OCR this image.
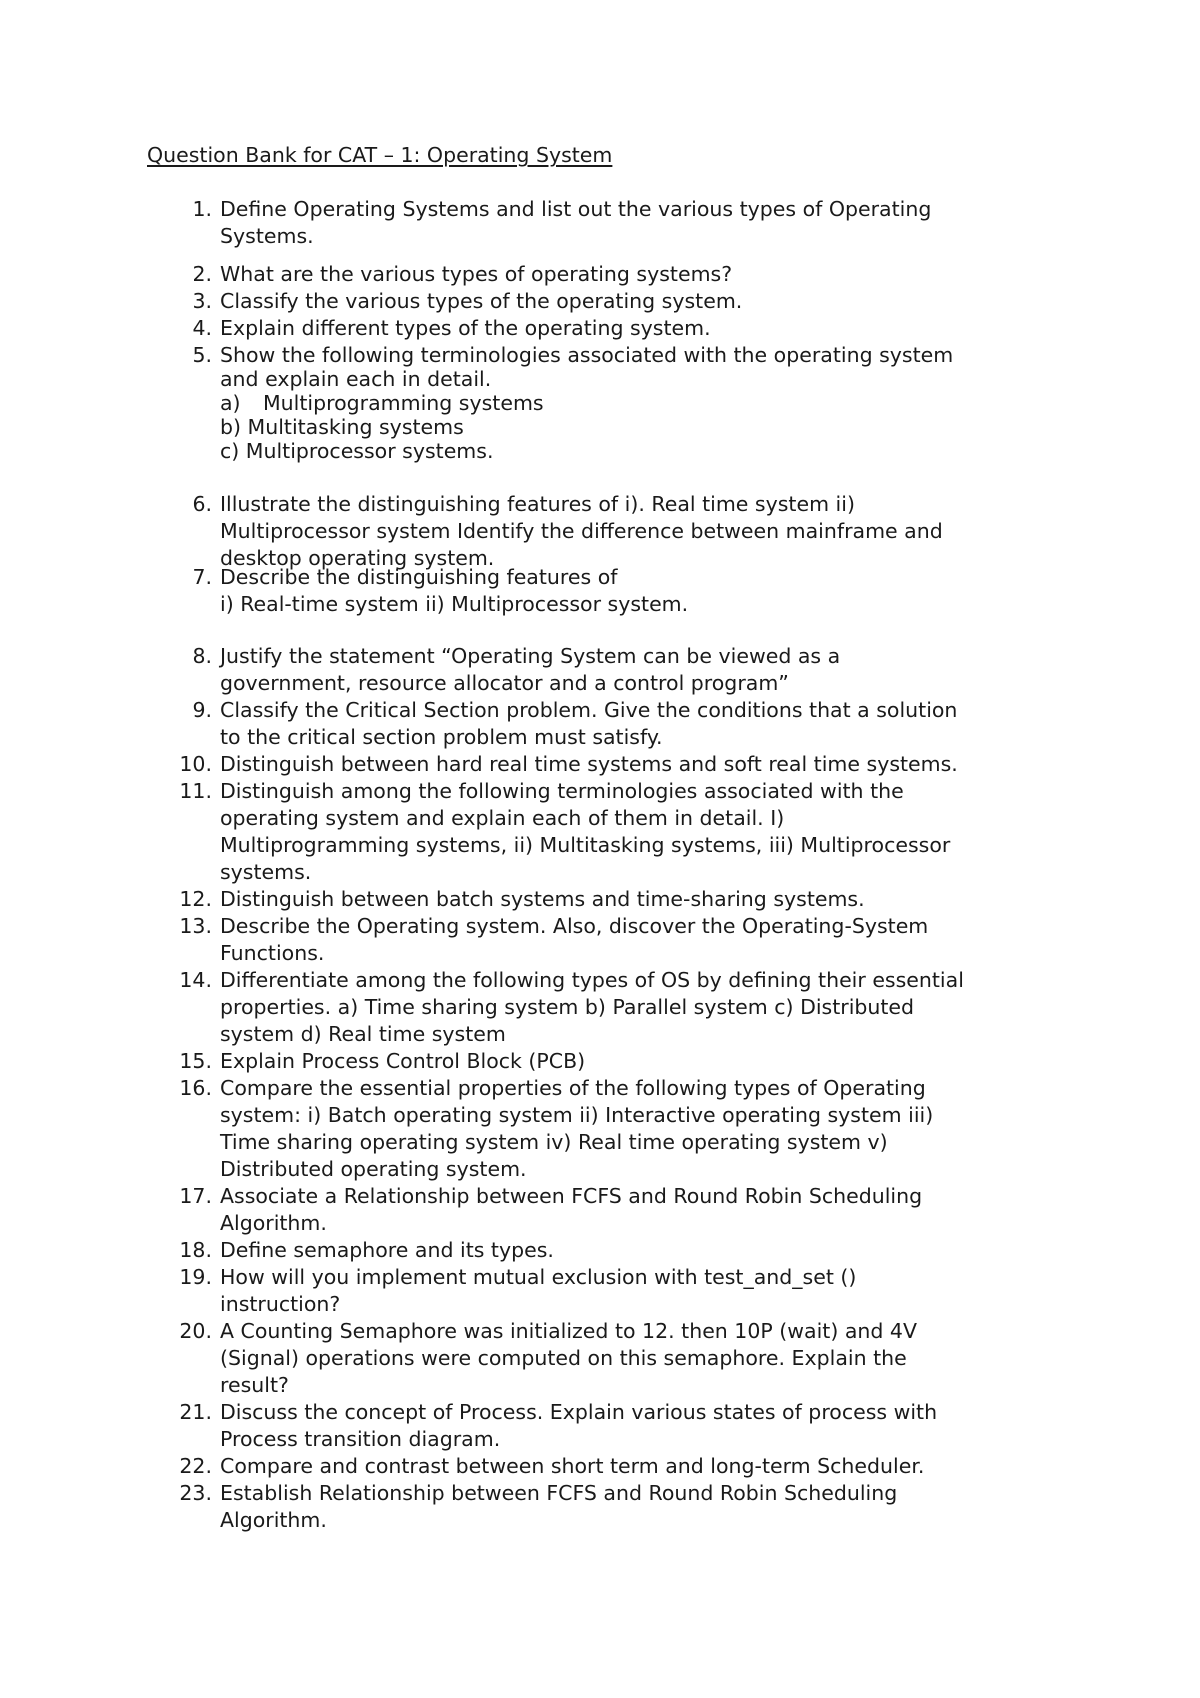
Question Bank for CAT – 1: Operating System
1. Define Operating Systems and list out the various types of Operating
Systems.
2. What are the various types of operating systems?
3. Classify the various types of the operating system.
4. Explain different types of the operating system.
5. Show the following terminologies associated with the operating system
and explain each in detail.
a) Multiprogramming systems
b) Multitasking systems
c) Multiprocessor systems.
6. Illustrate the distinguishing features of i). Real time system ii)
Multiprocessor system Identify the difference between mainframe and
desktop operating system.
7. Describe the distinguishing features of
i) Real-time system ii) Multiprocessor system.
8. Justify the statement “Operating System can be viewed as a
government, resource allocator and a control program”
9. Classify the Critical Section problem. Give the conditions that a solution
to the critical section problem must satisfy.
10. Distinguish between hard real time systems and soft real time systems.
11. Distinguish among the following terminologies associated with the
operating system and explain each of them in detail. I)
Multiprogramming systems, ii) Multitasking systems, iii) Multiprocessor
systems.
12. Distinguish between batch systems and time-sharing systems.
13. Describe the Operating system. Also, discover the Operating-System
Functions.
14. Differentiate among the following types of OS by defining their essential
properties. a) Time sharing system b) Parallel system c) Distributed
system d) Real time system
15. Explain Process Control Block (PCB)
16. Compare the essential properties of the following types of Operating
system: i) Batch operating system ii) Interactive operating system iii)
Time sharing operating system iv) Real time operating system v)
Distributed operating system.
17. Associate a Relationship between FCFS and Round Robin Scheduling
Algorithm.
18. Define semaphore and its types.
19. How will you implement mutual exclusion with test_and_set ()
instruction?
20. A Counting Semaphore was initialized to 12. then 10P (wait) and 4V
(Signal) operations were computed on this semaphore. Explain the
result?
21. Discuss the concept of Process. Explain various states of process with
Process transition diagram.
22. Compare and contrast between short term and long-term Scheduler.
23. Establish Relationship between FCFS and Round Robin Scheduling
Algorithm.
